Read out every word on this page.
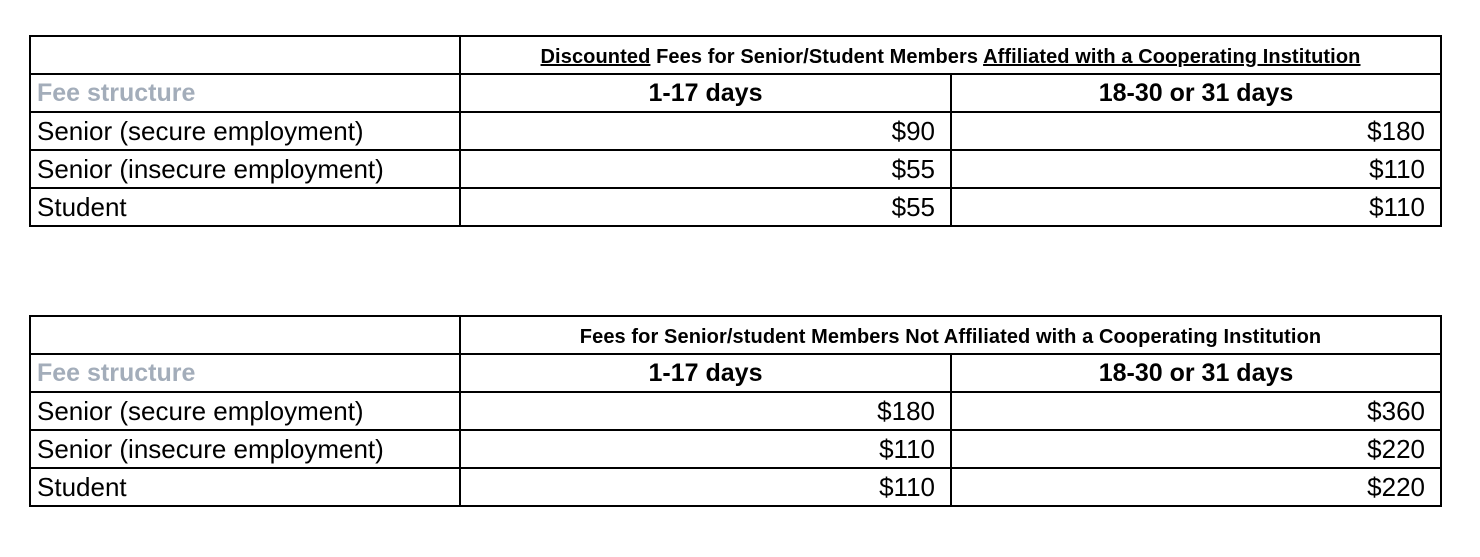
	Discounted Fees for Senior/Student Members Affiliated with a Cooperating Institution	
Fee structure	1-17 days	18-30 or 31 days
Senior (secure employment)	$90	$180
Senior (insecure employment)	$55	$110
Student	$55	$110
	Fees for Senior/student Members Not Affiliated with a Cooperating Institution	
Fee structure	1-17 days	18-30 or 31 days
Senior (secure employment)	$180	$360
Senior (insecure employment)	$110	$220
Student	$110	$220
